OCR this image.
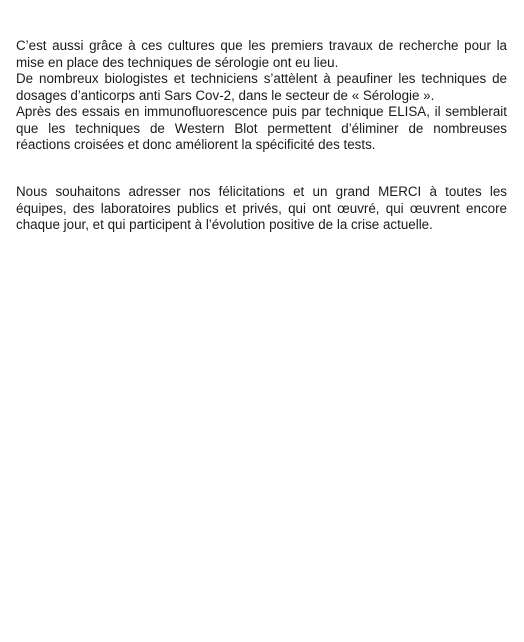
C’est aussi grâce à ces cultures que les premiers travaux de recherche pour la mise en place des techniques de sérologie ont eu lieu.
De nombreux biologistes et techniciens s’attèlent à peaufiner les techniques de dosages d’anticorps anti Sars Cov-2, dans le secteur de « Sérologie ».
Après des essais en immunofluorescence puis par technique ELISA, il semblerait que les techniques de Western Blot permettent d’éliminer de nombreuses réactions croisées et donc améliorent la spécificité des tests.
Nous souhaitons adresser nos félicitations et un grand MERCI à toutes les équipes, des laboratoires publics et privés, qui ont œuvré, qui œuvrent encore chaque jour, et qui participent à l’évolution positive de la crise actuelle.
